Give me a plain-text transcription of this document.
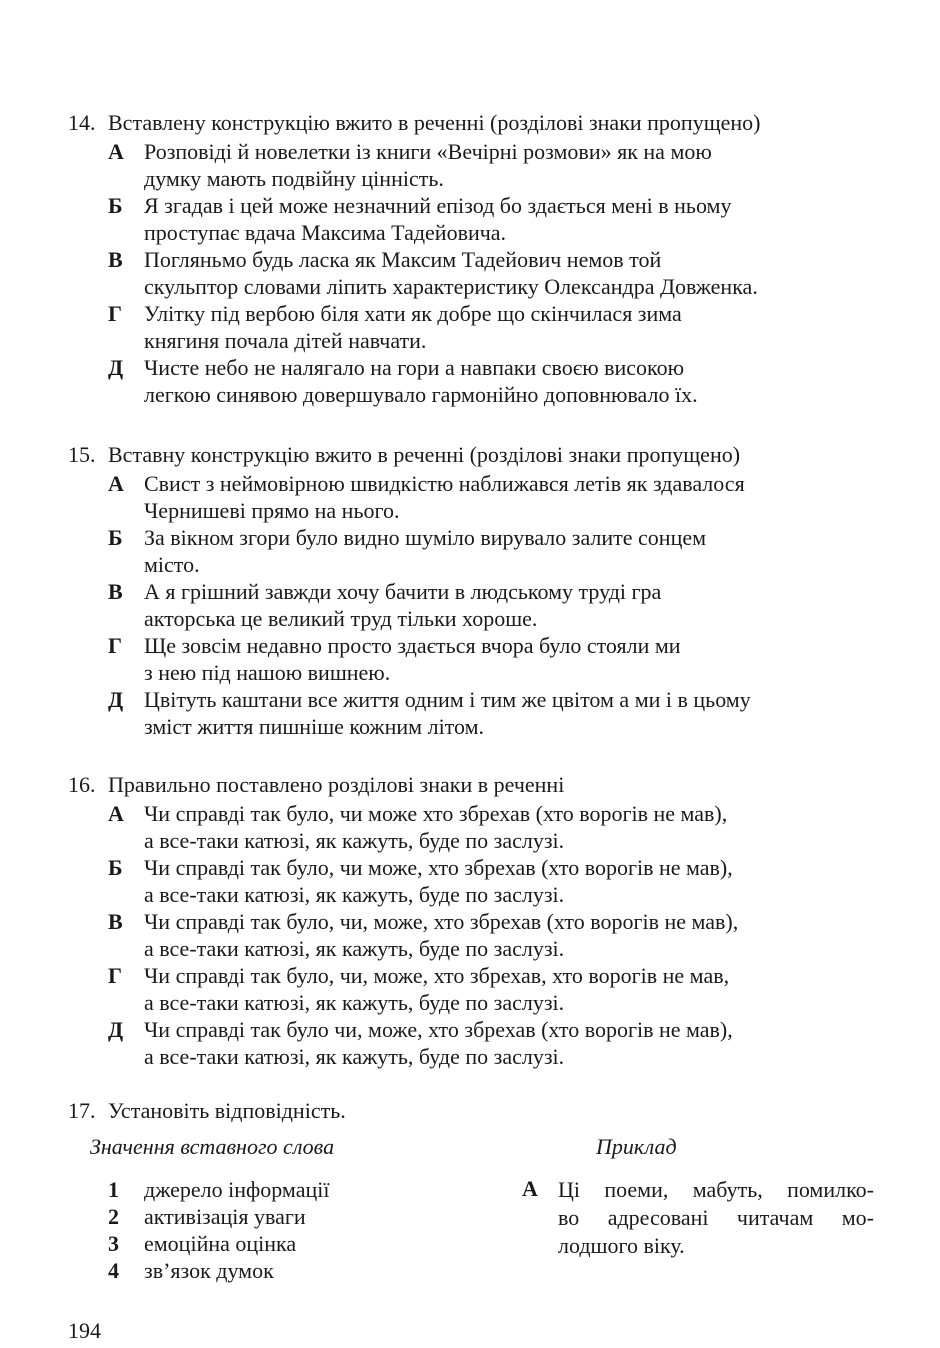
14. Вставлену конструкцію вжито в реченні (розділові знаки пропущено)
А Розповіді й новелетки із книги «Вечірні розмови» як на мою
думку мають подвійну цінність.
Б Я згадав і цей може незначний епізод бо здається мені в ньому
проступає вдача Максима Тадейовича.
В Погляньмо будь ласка як Максим Тадейович немов той
скульптор словами ліпить характеристику Олександра Довженка.
Г Улітку під вербою біля хати як добре що скінчилася зима
княгиня почала дітей навчати.
Д Чисте небо не налягало на гори а навпаки своєю високою
легкою синявою довершувало гармонійно доповнювало їх.
15. Вставну конструкцію вжито в реченні (розділові знаки пропущено)
А Свист з неймовірною швидкістю наближався летів як здавалося
Чернишеві прямо на нього.
Б За вікном згори було видно шуміло вирувало залите сонцем
місто.
В А я грішний завжди хочу бачити в людському труді гра
акторська це великий труд тільки хороше.
Г Ще зовсім недавно просто здається вчора було стояли ми
з нею під нашою вишнею.
Д Цвітуть каштани все життя одним і тим же цвітом а ми і в цьому
зміст життя пишніше кожним літом.
16. Правильно поставлено розділові знаки в реченні
А Чи справді так було, чи може хто збрехав (хто ворогів не мав),
а все-таки катюзі, як кажуть, буде по заслузі.
Б Чи справді так було, чи може, хто збрехав (хто ворогів не мав),
а все-таки катюзі, як кажуть, буде по заслузі.
В Чи справді так було, чи, може, хто збрехав (хто ворогів не мав),
а все-таки катюзі, як кажуть, буде по заслузі.
Г Чи справді так було, чи, може, хто збрехав, хто ворогів не мав,
а все-таки катюзі, як кажуть, буде по заслузі.
Д Чи справді так було чи, може, хто збрехав (хто ворогів не мав),
а все-таки катюзі, як кажуть, буде по заслузі.
17. Установіть відповідність.
Значення вставного слова	Приклад
1 джерело інформації
2 активізація уваги
3 емоційна оцінка
4 зв’язок думок
А Ці поеми, мабуть, помилко-
во адресовані читачам мо-
лодшого віку.
194
